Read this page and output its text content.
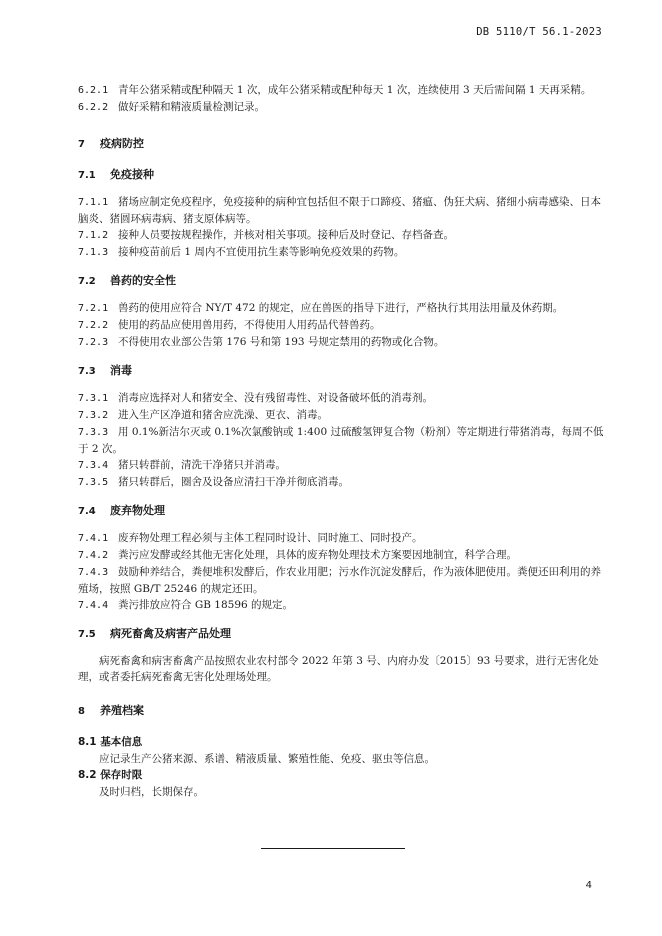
DB 5110/T 56.1-2023

6.2.1 青年公猪采精或配种隔天 1 次，成年公猪采精或配种每天 1 次，连续使用 3 天后需间隔 1 天再采精。

6.2.2 做好采精和精液质量检测记录。

7 疫病防控

7.1 免疫接种

7.1.1 猪场应制定免疫程序，免疫接种的病种宜包括但不限于口蹄疫、猪瘟、伪狂犬病、猪细小病毒感染、日本脑炎、猪圆环病毒病、猪支原体病等。

7.1.2 接种人员要按规程操作，并核对相关事项。接种后及时登记、存档备查。

7.1.3 接种疫苗前后 1 周内不宜使用抗生素等影响免疫效果的药物。

7.2 兽药的安全性

7.2.1 兽药的使用应符合 NY/T 472 的规定，应在兽医的指导下进行，严格执行其用法用量及休药期。

7.2.2 使用的药品应使用兽用药，不得使用人用药品代替兽药。

7.2.3 不得使用农业部公告第 176 号和第 193 号规定禁用的药物或化合物。

7.3 消毒

7.3.1 消毒应选择对人和猪安全、没有残留毒性、对设备破坏低的消毒剂。

7.3.2 进入生产区净道和猪舍应洗澡、更衣、消毒。

7.3.3 用 0.1%新洁尔灭或 0.1%次氯酸钠或 1:400 过硫酸氢钾复合物（粉剂）等定期进行带猪消毒，每周不低于 2 次。

7.3.4 猪只转群前，清洗干净猪只并消毒。

7.3.5 猪只转群后，圈舍及设备应清扫干净并彻底消毒。

7.4 废弃物处理

7.4.1 废弃物处理工程必须与主体工程同时设计、同时施工、同时投产。

7.4.2 粪污应发酵或经其他无害化处理，具体的废弃物处理技术方案要因地制宜，科学合理。

7.4.3 鼓励种养结合，粪便堆积发酵后，作农业用肥；污水作沉淀发酵后，作为液体肥使用。粪便还田利用的养殖场，按照 GB/T 25246 的规定还田。

7.4.4 粪污排放应符合 GB 18596 的规定。

7.5 病死畜禽及病害产品处理

病死畜禽和病害畜禽产品按照农业农村部令 2022 年第 3 号、内府办发〔2015〕93 号要求，进行无害化处理，或者委托病死畜禽无害化处理场处理。

8 养殖档案

8.1 基本信息

应记录生产公猪来源、系谱、精液质量、繁殖性能、免疫、驱虫等信息。

8.2 保存时限

及时归档，长期保存。

4
